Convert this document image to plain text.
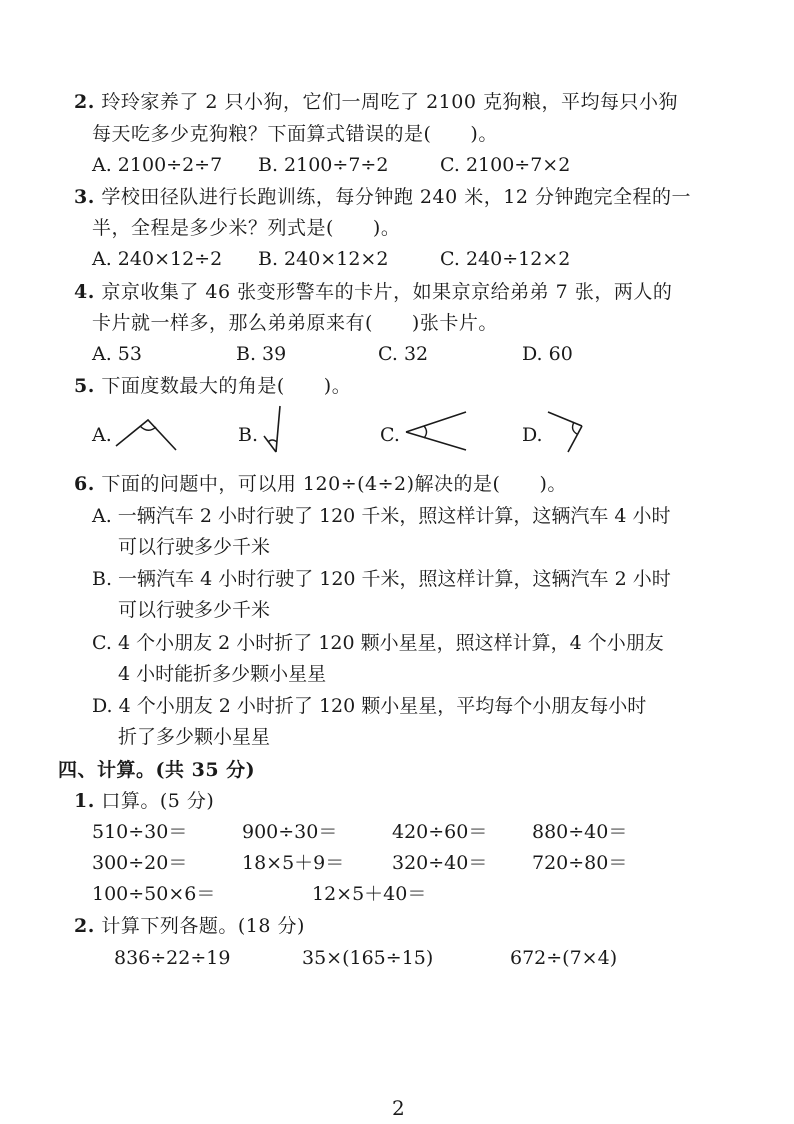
2. 玲玲家养了 2 只小狗，它们一周吃了 2100 克狗粮，平均每只小狗
每天吃多少克狗粮？下面算式错误的是(　　)。
A. 2100÷2÷7 B. 2100÷7÷2	C. 2100÷7×2
3. 学校田径队进行长跑训练，每分钟跑 240 米，12 分钟跑完全程的一
半，全程是多少米？列式是(　　)。
A. 240×12÷2 B. 240×12×2	C. 240÷12×2
4. 京京收集了 46 张变形警车的卡片，如果京京给弟弟 7 张，两人的
卡片就一样多，那么弟弟原来有(　　)张卡片。
A. 53	B. 39	C. 32	D. 60
5. 下面度数最大的角是(　　)。
A.	B.	C.	D.
6. 下面的问题中，可以用 120÷(4÷2)解决的是(　　)。
A. 一辆汽车 2 小时行驶了 120 千米，照这样计算，这辆汽车 4 小时
可以行驶多少千米
B. 一辆汽车 4 小时行驶了 120 千米，照这样计算，这辆汽车 2 小时
可以行驶多少千米
C. 4 个小朋友 2 小时折了 120 颗小星星，照这样计算，4 个小朋友
4 小时能折多少颗小星星
D. 4 个小朋友 2 小时折了 120 颗小星星，平均每个小朋友每小时
折了多少颗小星星
四、计算。(共 35 分)
1. 口算。(5 分)
510÷30＝	900÷30＝	420÷60＝ 880÷40＝
300÷20＝	18×5＋9＝	320÷40＝ 720÷80＝
100÷50×6＝	12×5＋40＝
2. 计算下列各题。(18 分)
836÷22÷19	35×(165÷15)	672÷(7×4)
2
